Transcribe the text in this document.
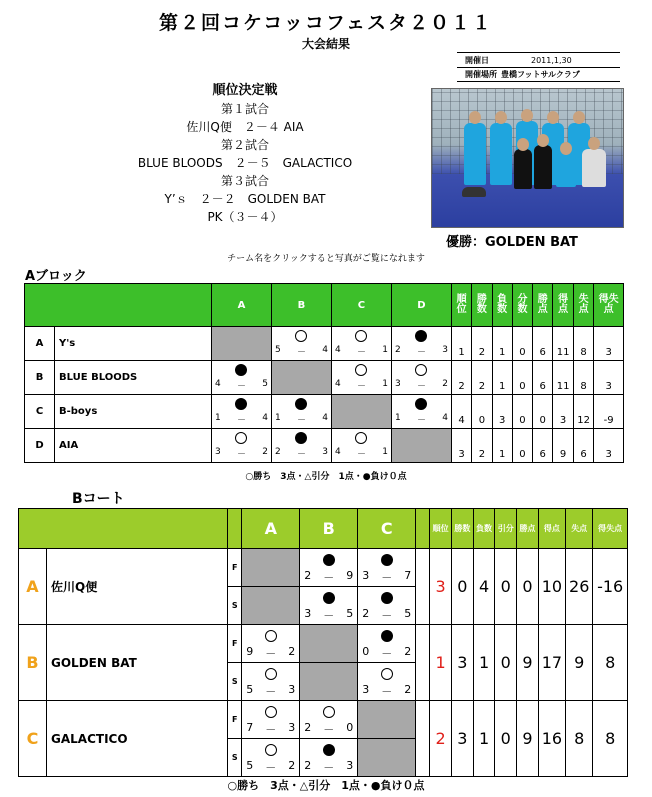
第２回コケコッコフェスタ２０１１
大会結果
開催日	2011,1,30
開催場所 豊橋フットサルクラブ
順位決定戦
第１試合
佐川Q便　２－４ AIA
第２試合
BLUE BLOODS　２－５　GALACTICO
第３試合
Y’ｓ　２－２　GOLDEN BAT
PK（３－４）
優勝：GOLDEN BAT
チーム名をクリックすると写真がご覧になれます
Aブロック
		A	B	C	D	順位	勝数	負数	分数	勝点	得点	失点	得失点
A	Y's		5 － 4	4 － 1	2 － 3	1	2	1	0	6	11	8	3
B	BLUE BLOODS	4 － 5		4 － 1	3 － 2	2	2	1	0	6	11	8	3
C	B-boys	1 － 4	1 － 4		1 － 4	4	0	3	0	0	3	12	-9
D	AIA	3 － 2	2 － 3	4 － 1		3	2	1	0	6	9	6	3
○勝ち　3点・△引分　1点・●負け０点
Bコート
			A	B	C		順位	勝数	負数	引分	勝点	得点	失点	得失点
A	佐川Q便	F		2 － 9	3 － 7		3	0	4	0	0	10	26	-16
		S		3 － 5	2 － 5									

B	GOLDEN BAT	F	9 － 2		0 － 2		1	3	1	0	9	17	9	8
		S	5 － 3		3 － 2									

C	GALACTICO	F	7 － 3	2 － 0			2	3	1	0	9	16	8	8
		S	5 － 2	2 － 3										

○勝ち　3点・△引分　1点・●負け０点
